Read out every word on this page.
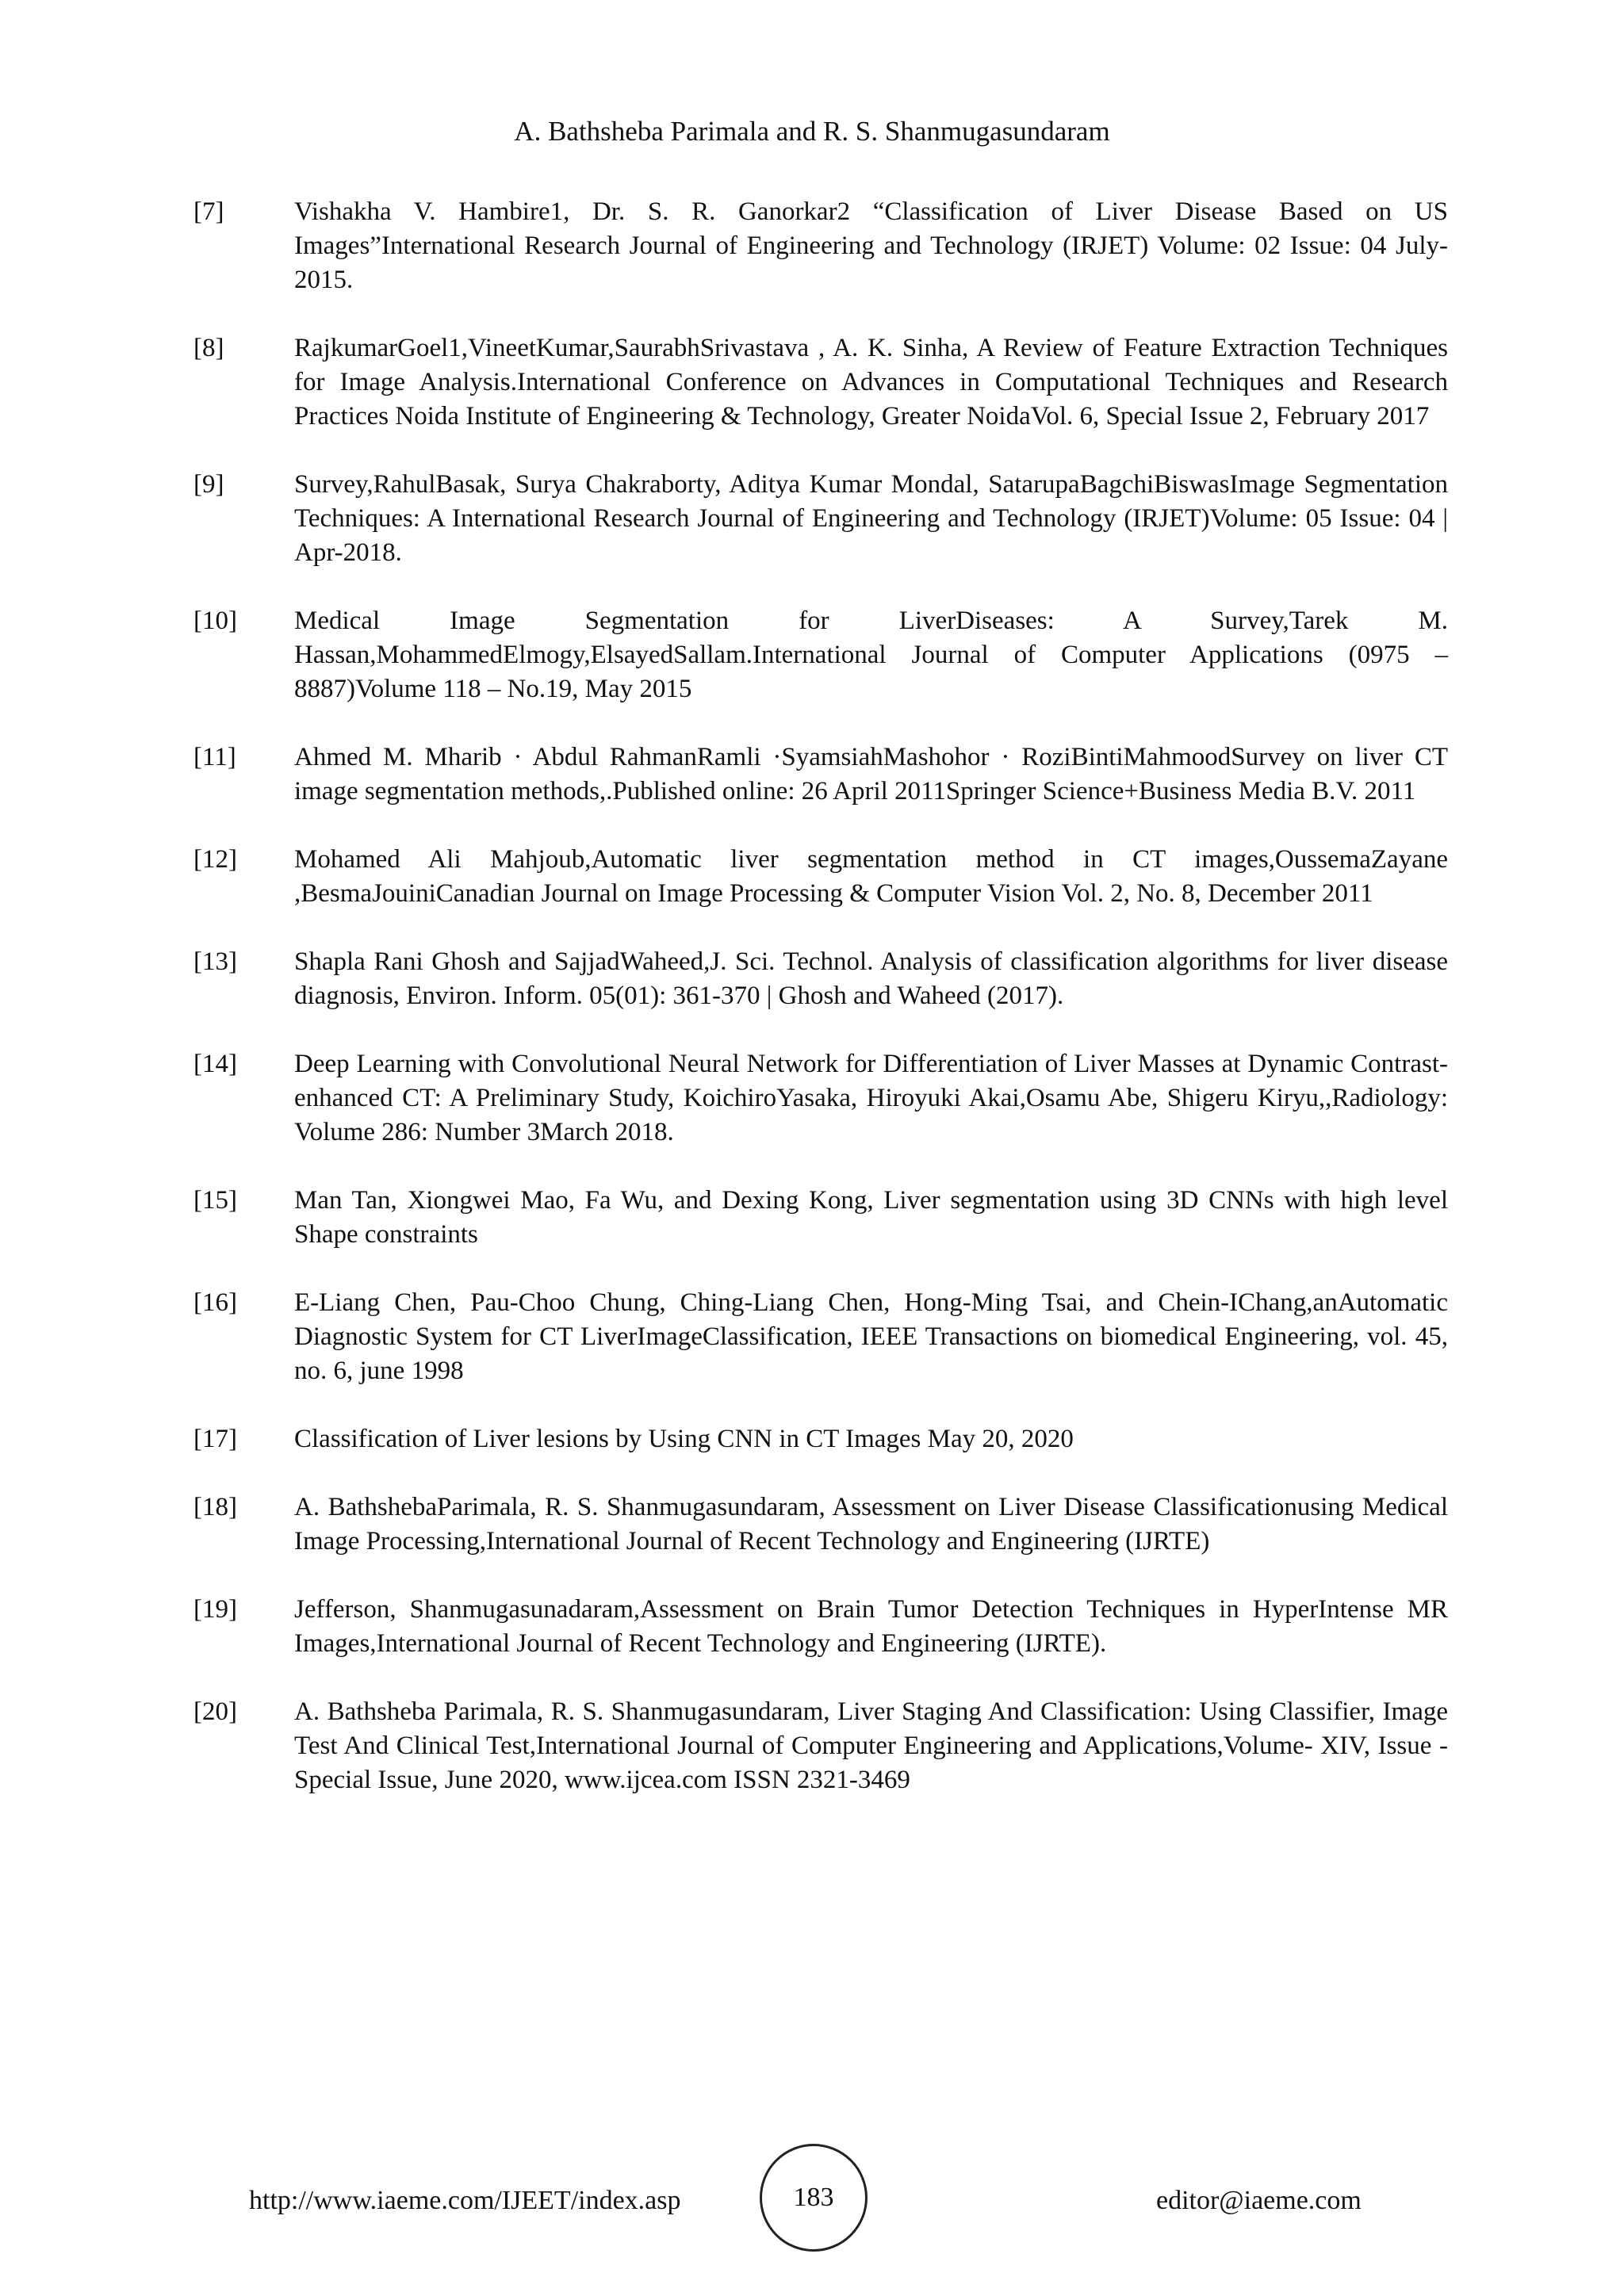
A. Bathsheba Parimala and R. S. Shanmugasundaram
[7]	Vishakha V. Hambire1, Dr. S. R. Ganorkar2 “Classification of Liver Disease Based on US Images”International Research Journal of Engineering and Technology (IRJET) Volume: 02 Issue: 04 July-2015.
[8]	RajkumarGoel1,VineetKumar,SaurabhSrivastava , A. K. Sinha, A Review of Feature Extraction Techniques for Image Analysis.International Conference on Advances in Computational Techniques and Research Practices Noida Institute of Engineering & Technology, Greater NoidaVol. 6, Special Issue 2, February 2017
[9]	Survey,RahulBasak, Surya Chakraborty, Aditya Kumar Mondal, SatarupaBagchiBiswasImage Segmentation Techniques: A International Research Journal of Engineering and Technology (IRJET)Volume: 05 Issue: 04 | Apr-2018.
[10]	Medical Image Segmentation for LiverDiseases: A Survey,Tarek M. Hassan,MohammedElmogy,ElsayedSallam.International Journal of Computer Applications (0975 – 8887)Volume 118 – No.19, May 2015
[11]	Ahmed M. Mharib · Abdul RahmanRamli ·SyamsiahMashohor · RoziBintiMahmoodSurvey on liver CT image segmentation methods,.Published online: 26 April 2011Springer Science+Business Media B.V. 2011
[12]	Mohamed Ali Mahjoub,Automatic liver segmentation method in CT images,OussemaZayane ,BesmaJouiniCanadian Journal on Image Processing & Computer Vision Vol. 2, No. 8, December 2011
[13]	Shapla Rani Ghosh and SajjadWaheed,J. Sci. Technol. Analysis of classification algorithms for liver disease diagnosis, Environ. Inform. 05(01): 361-370 | Ghosh and Waheed (2017).
[14]	Deep Learning with Convolutional Neural Network for Differentiation of Liver Masses at Dynamic Contrast-enhanced CT: A Preliminary Study, KoichiroYasaka, Hiroyuki Akai,Osamu Abe, Shigeru Kiryu,,Radiology: Volume 286: Number 3March 2018.
[15]	Man Tan, Xiongwei Mao, Fa Wu, and Dexing Kong, Liver segmentation using 3D CNNs with high level Shape constraints
[16]	E-Liang Chen, Pau-Choo Chung, Ching-Liang Chen, Hong-Ming Tsai, and Chein-IChang,anAutomatic Diagnostic System for CT LiverImageClassification, IEEE Transactions on biomedical Engineering, vol. 45, no. 6, june 1998
[17]	Classification of Liver lesions by Using CNN in CT Images May 20, 2020
[18]	A. BathshebaParimala, R. S. Shanmugasundaram, Assessment on Liver Disease Classificationusing Medical Image Processing,International Journal of Recent Technology and Engineering (IJRTE)
[19]	Jefferson, Shanmugasunadaram,Assessment on Brain Tumor Detection Techniques in HyperIntense MR Images,International Journal of Recent Technology and Engineering (IJRTE).
[20]	A. Bathsheba Parimala, R. S. Shanmugasundaram, Liver Staging And Classification: Using Classifier, Image Test And Clinical Test,International Journal of Computer Engineering and Applications,Volume- XIV, Issue - Special Issue, June 2020, www.ijcea.com ISSN 2321-3469
http://www.iaeme.com/IJEET/index.asp	183	editor@iaeme.com
